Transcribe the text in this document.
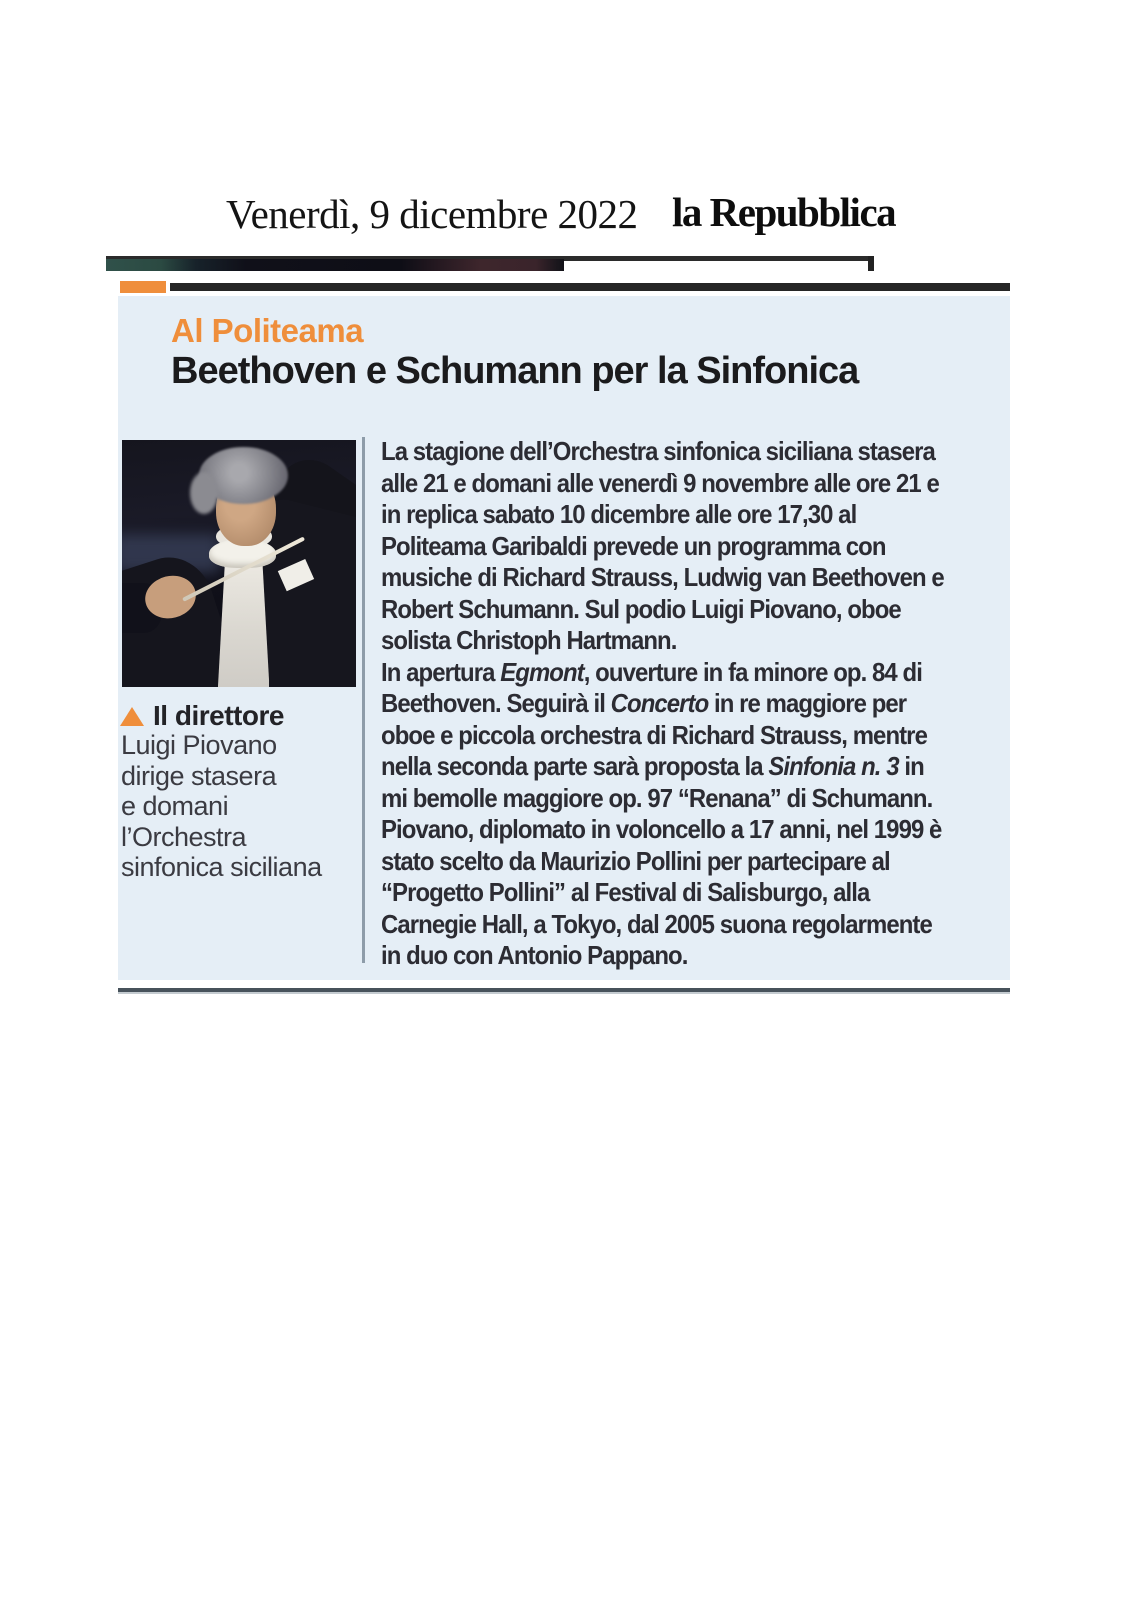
Venerdì, 9 dicembre 2022 la Repubblica
Al Politeama
Beethoven e Schumann per la Sinfonica
Il direttore
Luigi Piovano
dirige stasera
e domani
l’Orchestra
sinfonica siciliana
La stagione dell’Orchestra sinfonica siciliana stasera
alle 21 e domani alle venerdì 9 novembre alle ore 21 e
in replica sabato 10 dicembre alle ore 17,30 al
Politeama Garibaldi prevede un programma con
musiche di Richard Strauss, Ludwig van Beethoven e
Robert Schumann. Sul podio Luigi Piovano, oboe
solista Christoph Hartmann.
In apertura Egmont, ouverture in fa minore op. 84 di
Beethoven. Seguirà il Concerto in re maggiore per
oboe e piccola orchestra di Richard Strauss, mentre
nella seconda parte sarà proposta la Sinfonia n. 3 in
mi bemolle maggiore op. 97 “Renana” di Schumann.
Piovano, diplomato in voloncello a 17 anni, nel 1999 è
stato scelto da Maurizio Pollini per partecipare al
“Progetto Pollini” al Festival di Salisburgo, alla
Carnegie Hall, a Tokyo, dal 2005 suona regolarmente
in duo con Antonio Pappano.
